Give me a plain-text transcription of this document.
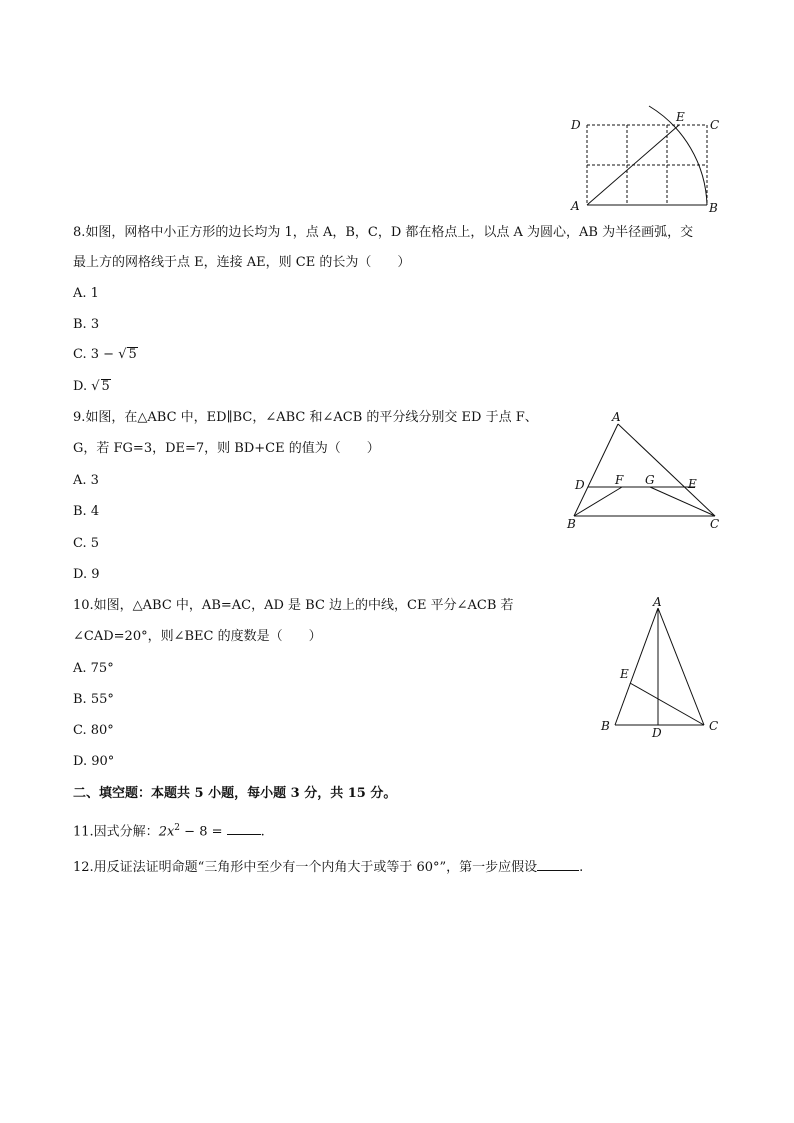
D
E
C
A	B
8.如图，网格中小正方形的边长均为 1，点 A，B，C，D 都在格点上，以点 A 为圆心，AB 为半径画弧，交
最上方的网格线于点 E，连接 AE，则 CE 的长为（　　）
A. 1
B. 3
C. 3 − √ 5
D. √ 5
A
D	F G	E
B	C
9.如图，在△ABC 中，ED∥BC，∠ABC 和∠ACB 的平分线分别交 ED 于点 F、
G，若 FG=3，DE=7，则 BD+CE 的值为（　　）
A. 3
B. 4
C. 5
D. 9
A
E
B	C
D
10.如图，△ABC 中，AB=AC，AD 是 BC 边上的中线，CE 平分∠ACB 若
∠CAD=20°，则∠BEC 的度数是（　　）
A. 75°
B. 55°
C. 80°
D. 90°
二、填空题：本题共 5 小题，每小题 3 分，共 15 分。
11.因式分解：$2x^2 - 8$ =	.
12.用反证法证明命题“三角形中至少有一个内角大于或等于 60°”，第一步应假设	.
